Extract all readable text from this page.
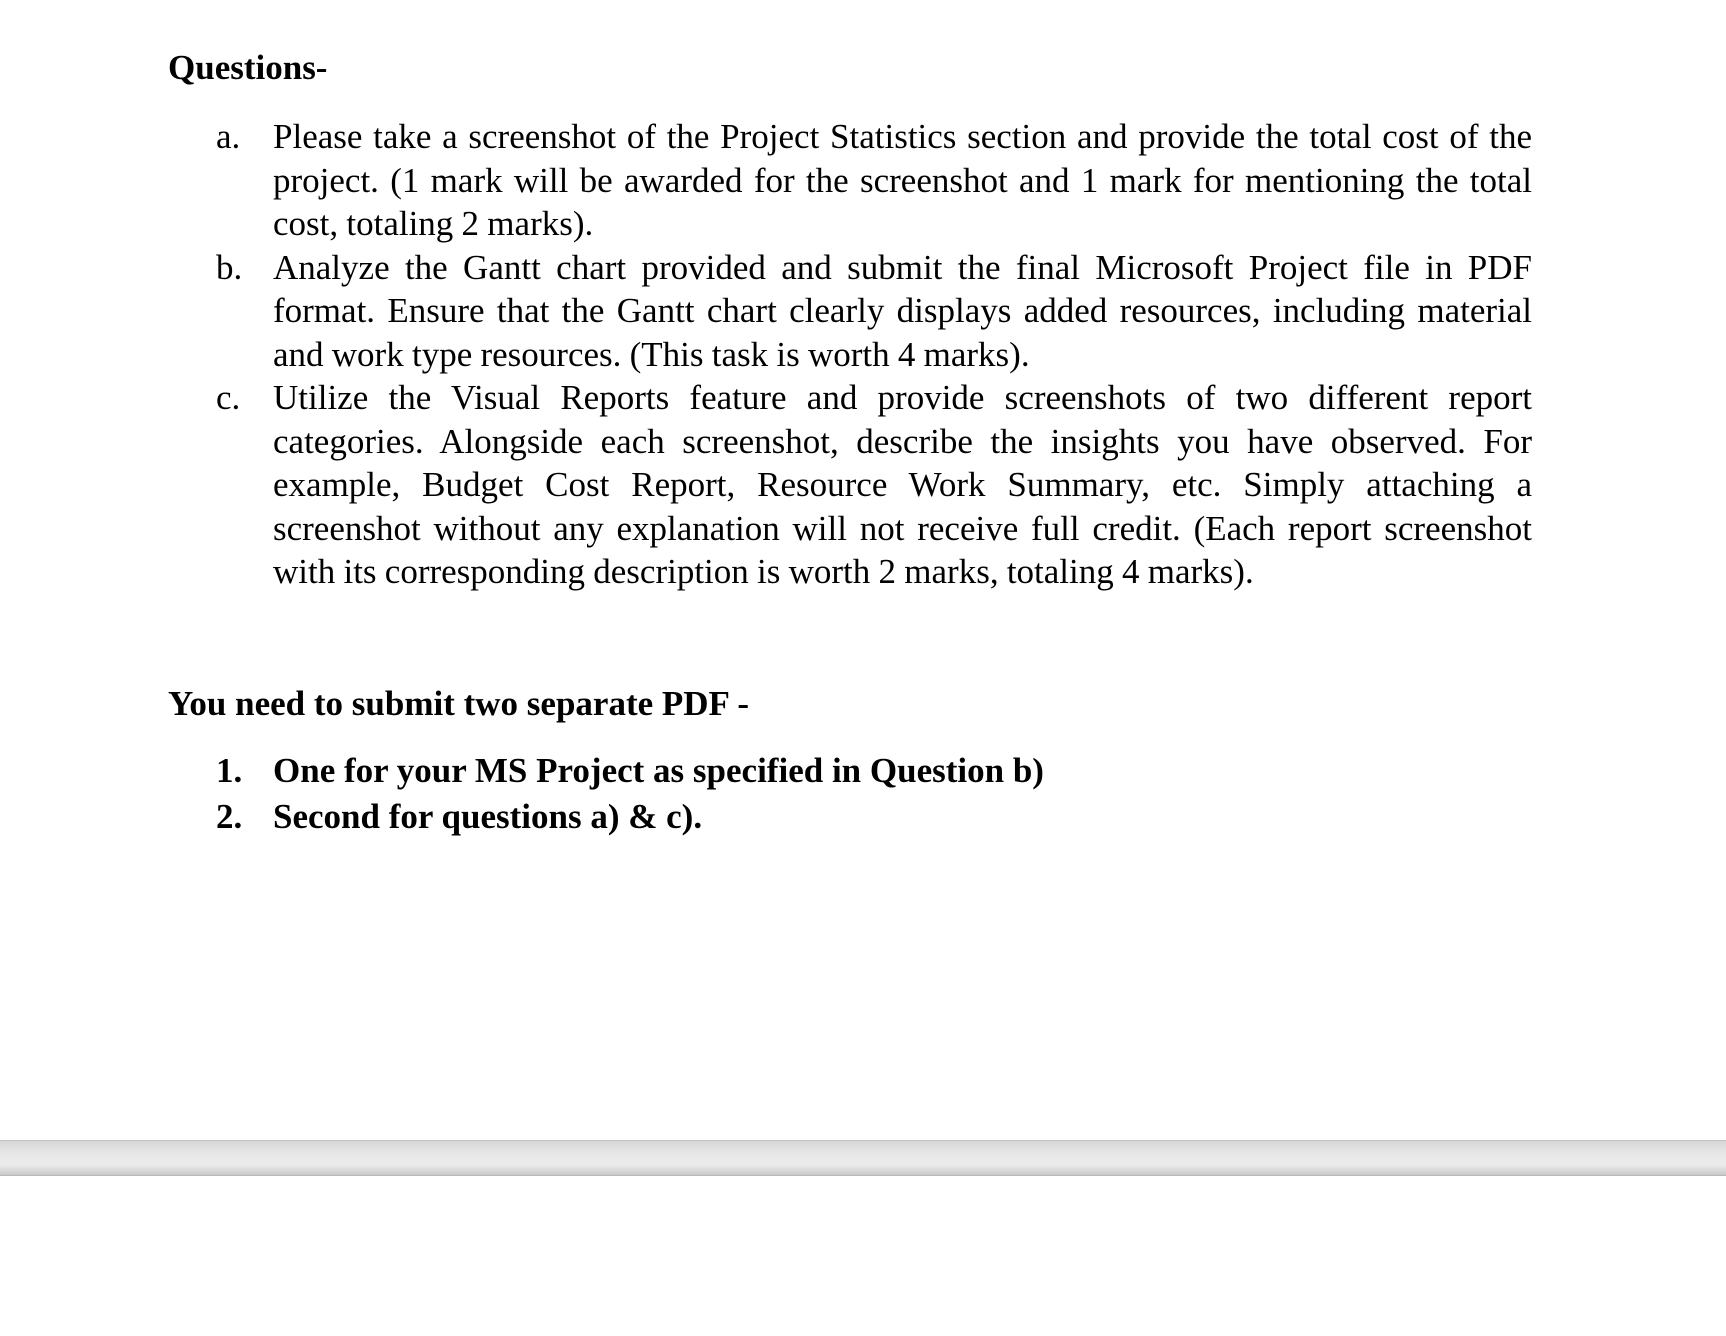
Questions-
a. Please take a screenshot of the Project Statistics section and provide the total cost of the project. (1 mark will be awarded for the screenshot and 1 mark for mentioning the total cost, totaling 2 marks).
b. Analyze the Gantt chart provided and submit the final Microsoft Project file in PDF format. Ensure that the Gantt chart clearly displays added resources, including material and work type resources. (This task is worth 4 marks).
c. Utilize the Visual Reports feature and provide screenshots of two different report categories. Alongside each screenshot, describe the insights you have observed. For example, Budget Cost Report, Resource Work Summary, etc. Simply attaching a screenshot without any explanation will not receive full credit. (Each report screenshot with its corresponding description is worth 2 marks, totaling 4 marks).
You need to submit two separate PDF -
1. One for your MS Project as specified in Question b)
2. Second for questions a) & c).
